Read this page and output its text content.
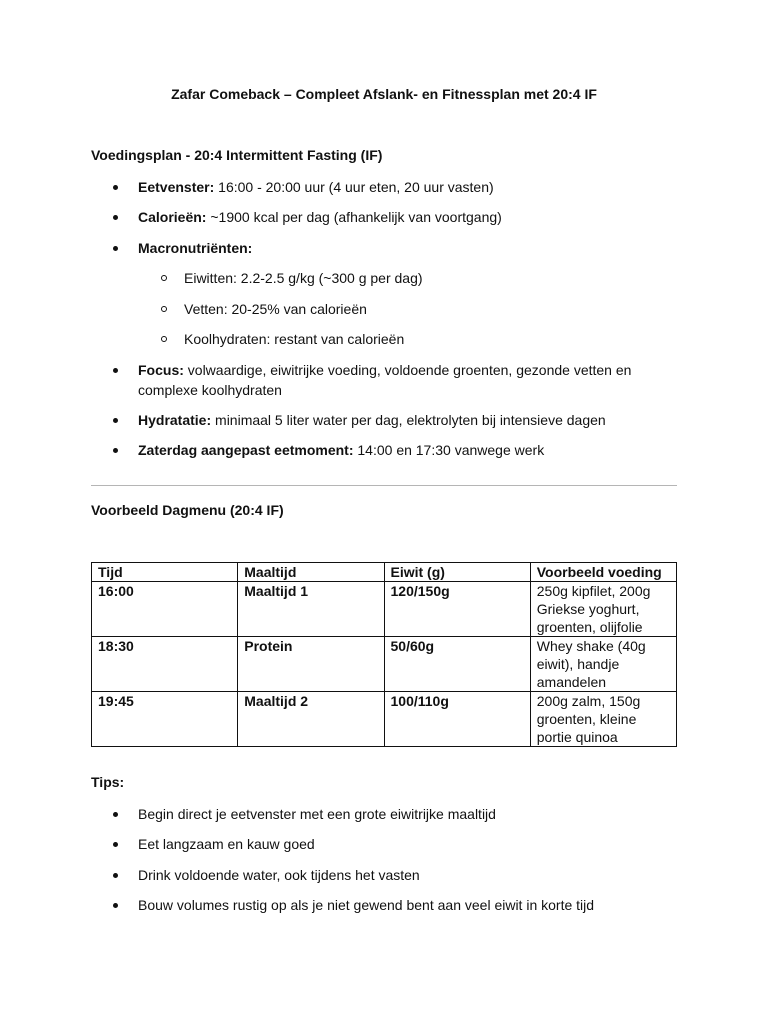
Zafar Comeback – Compleet Afslank- en Fitnessplan met 20:4 IF
Voedingsplan - 20:4 Intermittent Fasting (IF)
Eetvenster: 16:00 - 20:00 uur (4 uur eten, 20 uur vasten)
Calorieën: ~1900 kcal per dag (afhankelijk van voortgang)
Macronutriënten:
Eiwitten: 2.2-2.5 g/kg (~300 g per dag)
Vetten: 20-25% van calorieën
Koolhydraten: restant van calorieën
Focus: volwaardige, eiwitrijke voeding, voldoende groenten, gezonde vetten en complexe koolhydraten
Hydratatie: minimaal 5 liter water per dag, elektrolyten bij intensieve dagen
Zaterdag aangepast eetmoment: 14:00 en 17:30 vanwege werk
Voorbeeld Dagmenu (20:4 IF)
Tijd	Maaltijd	Eiwit (g)	Voorbeeld voeding
16:00	Maaltijd 1	120/150g	250g kipfilet, 200g Griekse yoghurt, groenten, olijfolie
18:30	Protein	50/60g	Whey shake (40g eiwit), handje amandelen
19:45	Maaltijd 2	100/110g	200g zalm, 150g groenten, kleine portie quinoa
Tips:
Begin direct je eetvenster met een grote eiwitrijke maaltijd
Eet langzaam en kauw goed
Drink voldoende water, ook tijdens het vasten
Bouw volumes rustig op als je niet gewend bent aan veel eiwit in korte tijd
